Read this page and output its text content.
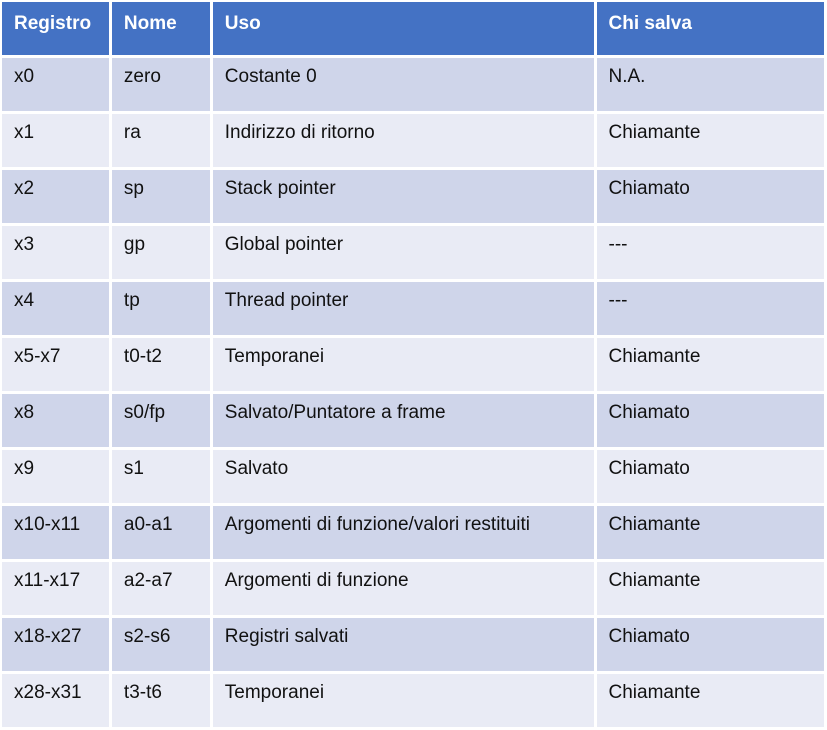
Registro	Nome	Uso	Chi salva
x0	zero	Costante 0	N.A.
x1	ra	Indirizzo di ritorno	Chiamante
x2	sp	Stack pointer	Chiamato
x3	gp	Global pointer	---
x4	tp	Thread pointer	---
x5-x7	t0-t2	Temporanei	Chiamante
x8	s0/fp	Salvato/Puntatore a frame	Chiamato
x9	s1	Salvato	Chiamato
x10-x11	a0-a1	Argomenti di funzione/valori restituiti	Chiamante
x11-x17	a2-a7	Argomenti di funzione	Chiamante
x18-x27	s2-s6	Registri salvati	Chiamato
x28-x31	t3-t6	Temporanei	Chiamante
